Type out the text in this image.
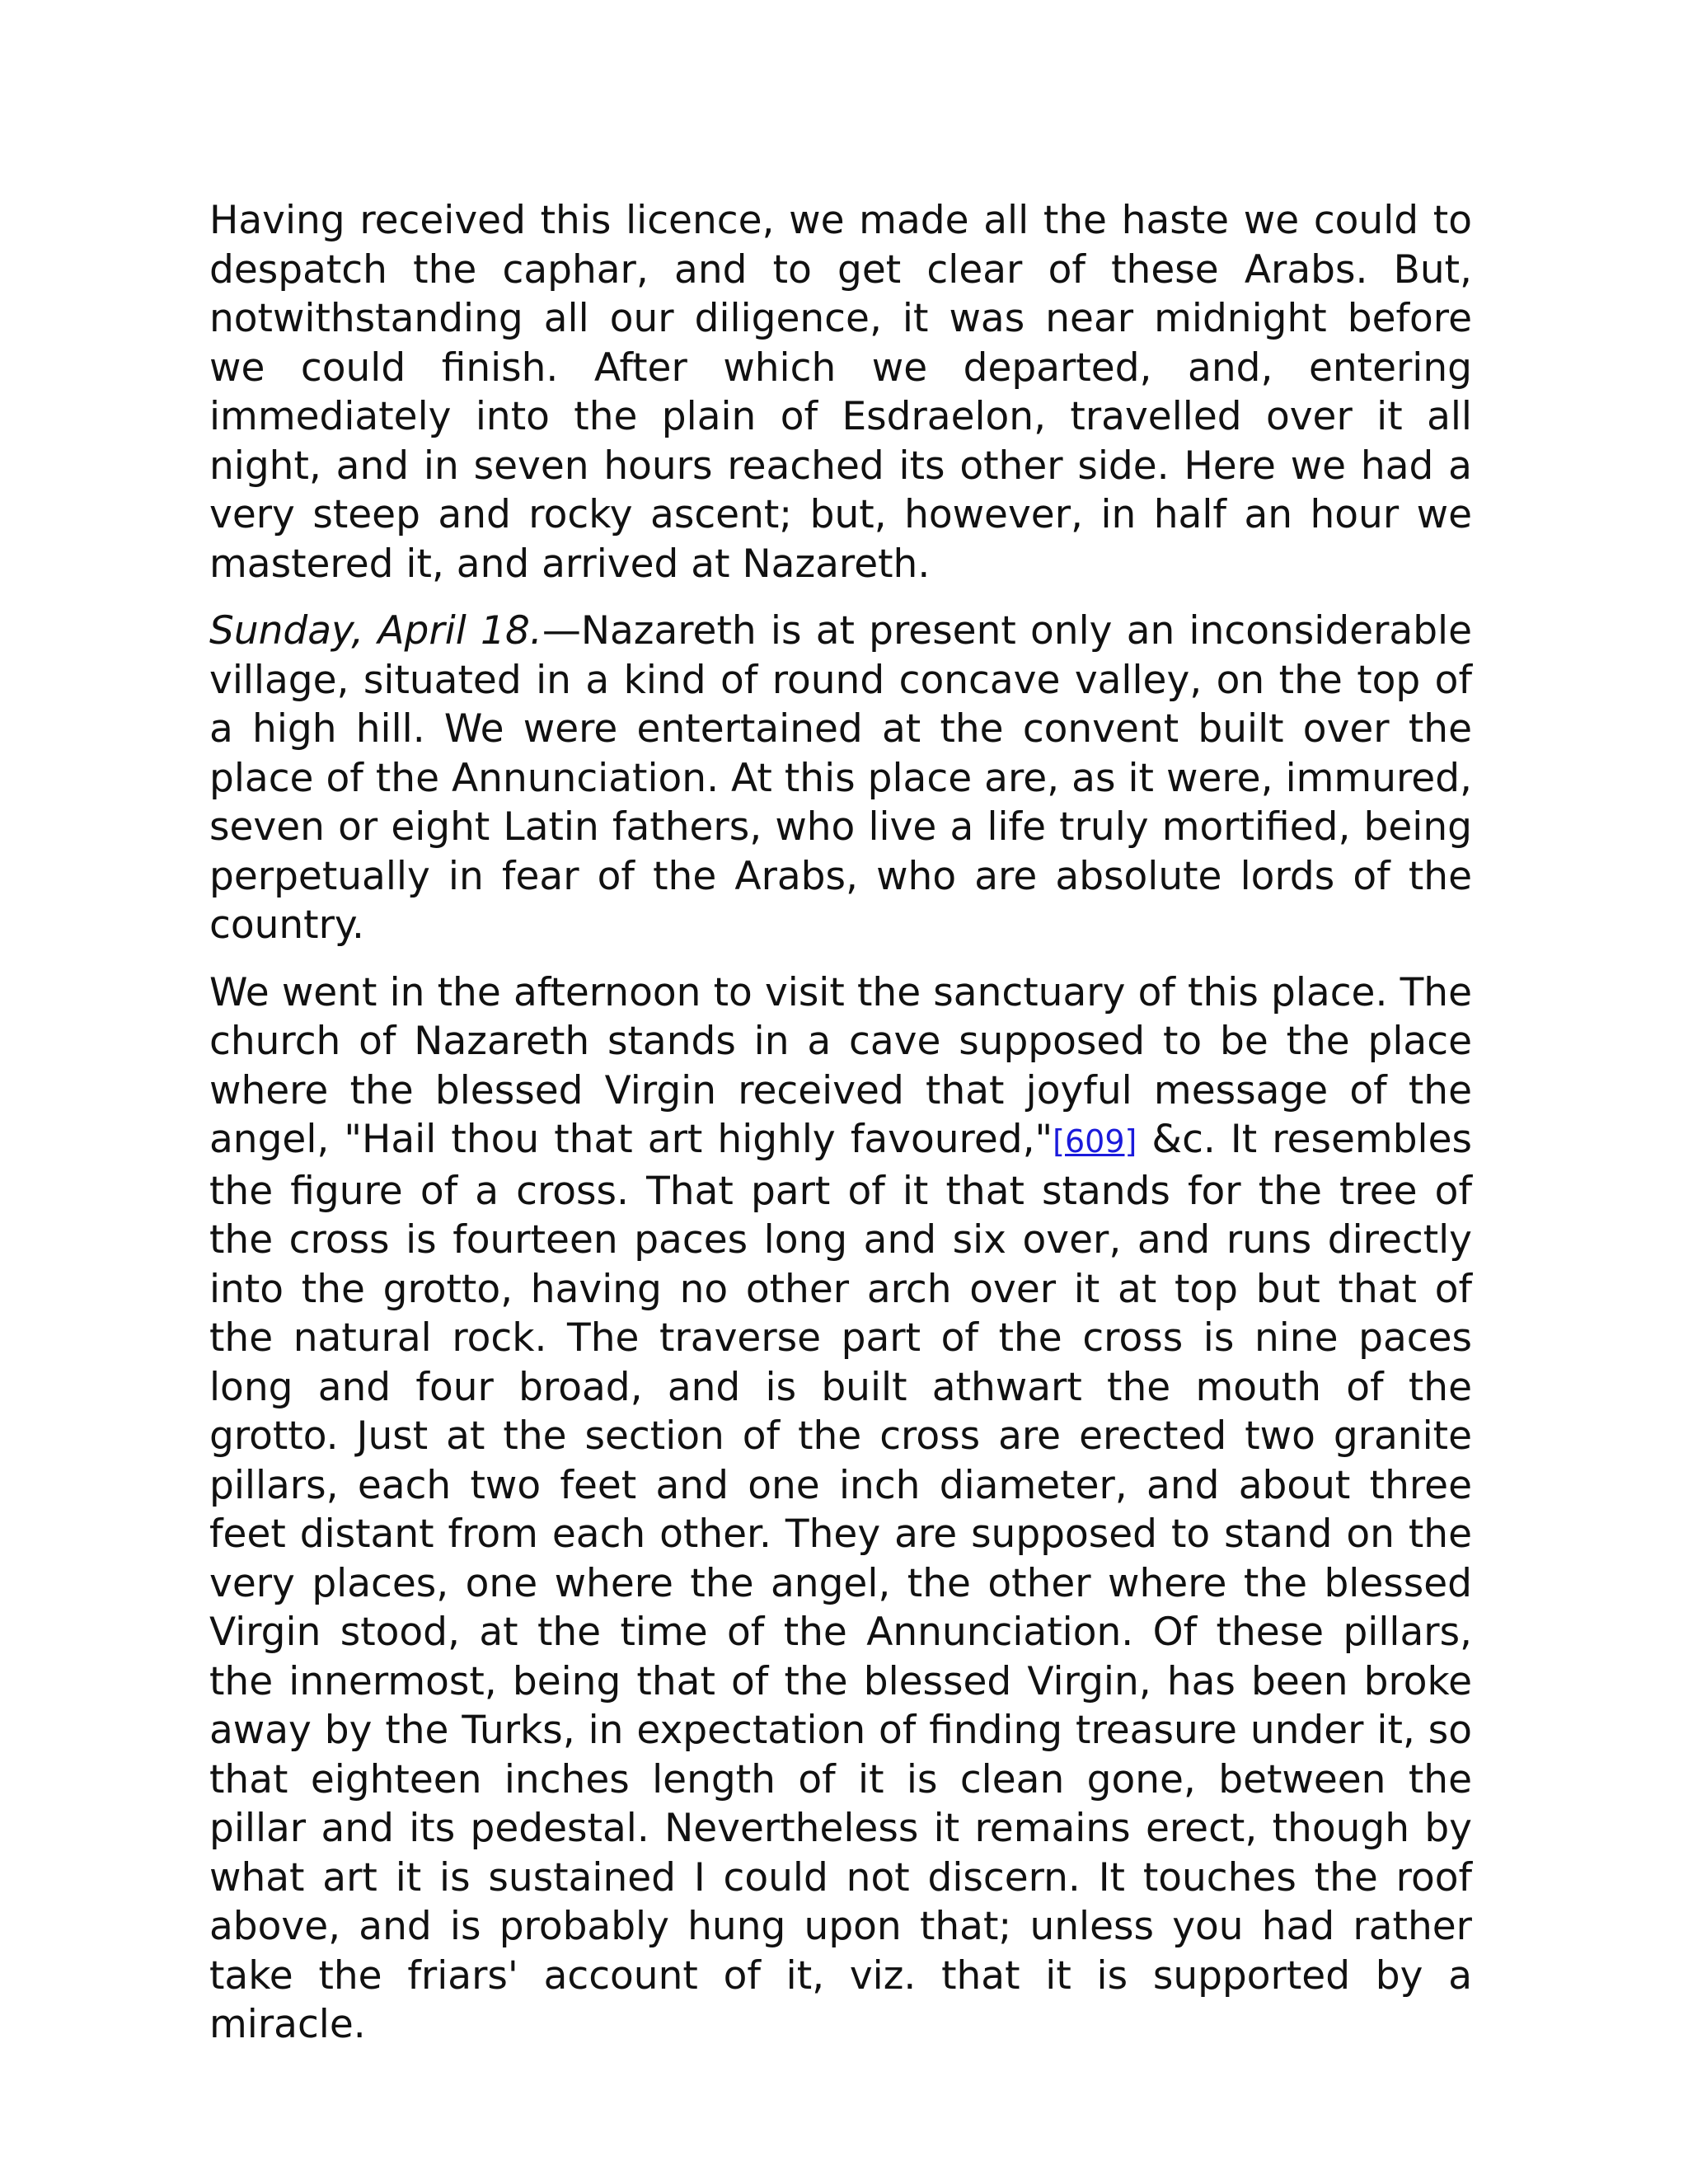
Having received this licence, we made all the haste we could to despatch the caphar, and to get clear of these Arabs. But, notwithstanding all our diligence, it was near midnight before we could finish. After which we departed, and, entering immediately into the plain of Esdraelon, travelled over it all night, and in seven hours reached its other side. Here we had a very steep and rocky ascent; but, however, in half an hour we mastered it, and arrived at Nazareth.

Sunday, April 18.—Nazareth is at present only an inconsiderable village, situated in a kind of round concave valley, on the top of a high hill. We were entertained at the convent built over the place of the Annunciation. At this place are, as it were, immured, seven or eight Latin fathers, who live a life truly mortified, being perpetually in fear of the Arabs, who are absolute lords of the country.

We went in the afternoon to visit the sanctuary of this place. The church of Nazareth stands in a cave supposed to be the place where the blessed Virgin received that joyful message of the angel, "Hail thou that art highly favoured,"[609] &c. It resembles the figure of a cross. That part of it that stands for the tree of the cross is fourteen paces long and six over, and runs directly into the grotto, having no other arch over it at top but that of the natural rock. The traverse part of the cross is nine paces long and four broad, and is built athwart the mouth of the grotto. Just at the section of the cross are erected two granite pillars, each two feet and one inch diameter, and about three feet distant from each other. They are supposed to stand on the very places, one where the angel, the other where the blessed Virgin stood, at the time of the Annunciation. Of these pillars, the innermost, being that of the blessed Virgin, has been broke away by the Turks, in expectation of finding treasure under it, so that eighteen inches length of it is clean gone, between the pillar and its pedestal. Nevertheless it remains erect, though by what art it is sustained I could not discern. It touches the roof above, and is probably hung upon that; unless you had rather take the friars' account of it, viz. that it is supported by a miracle.
